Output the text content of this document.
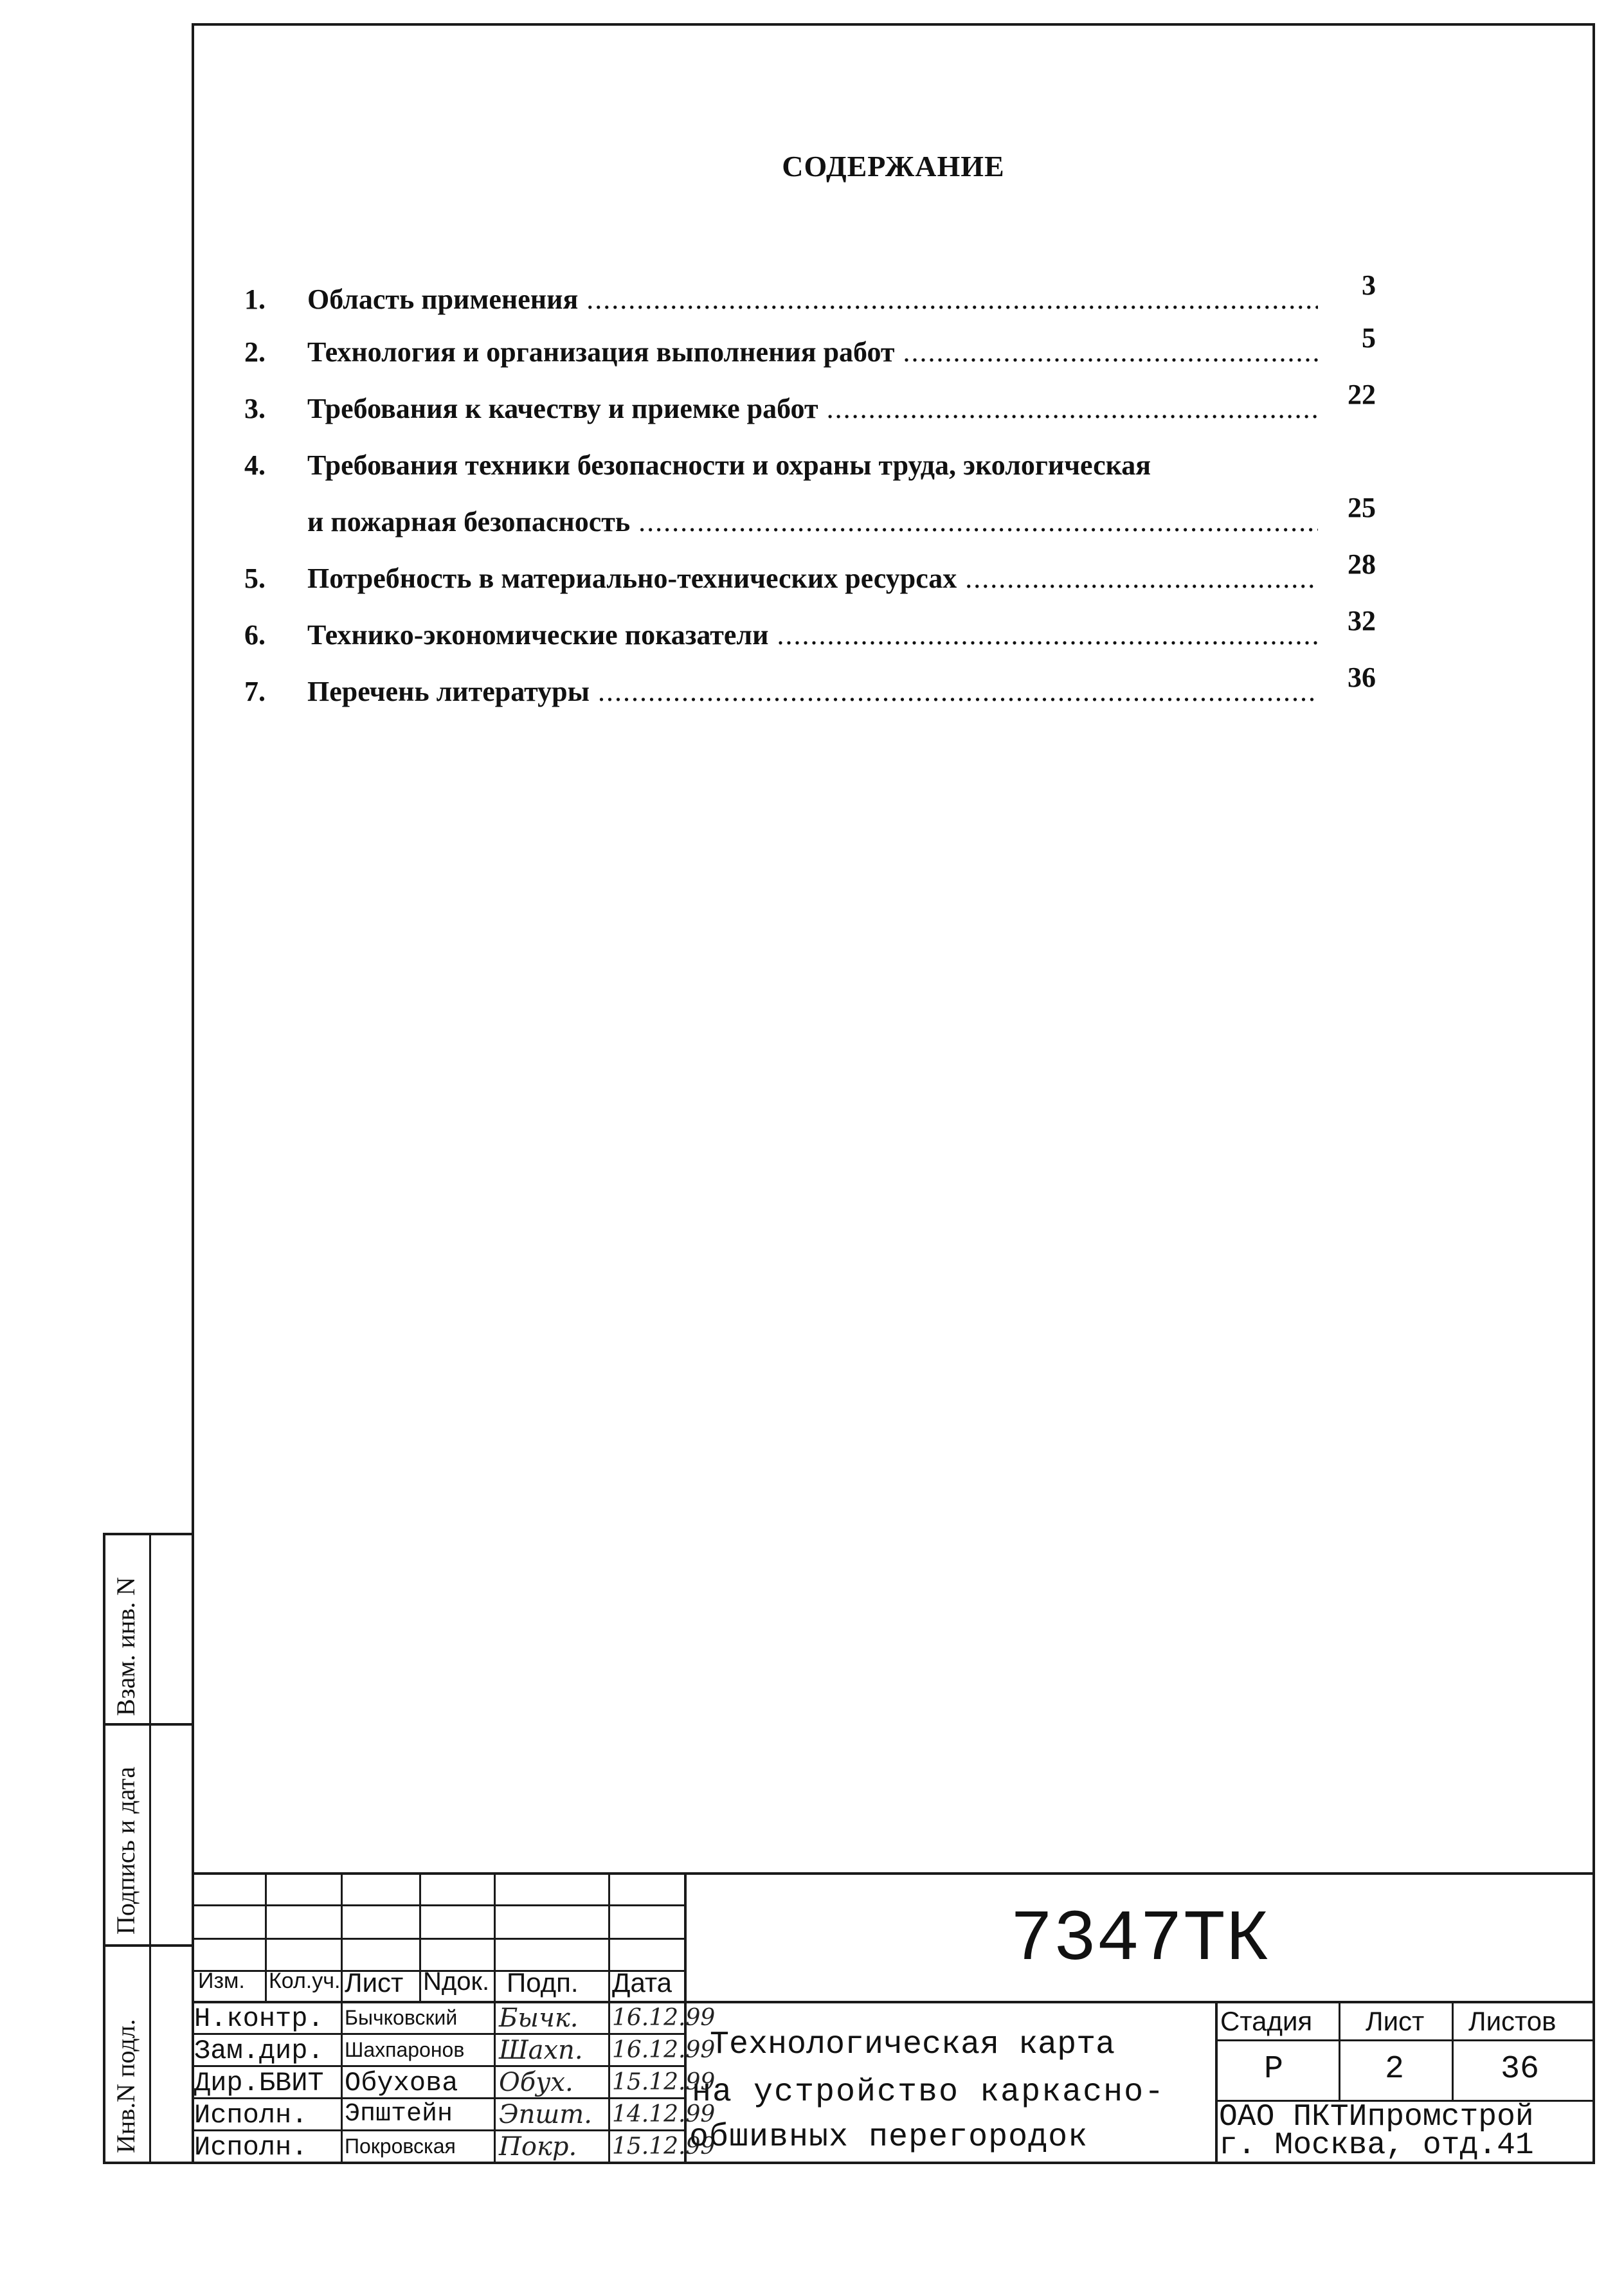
СОДЕРЖАНИЕ
1.	Область применения .....	3
2.	Технология и организация выполнения работ .....	5
3.	Требования к качеству и приемке работ .....	22
4.	Требования техники безопасности и охраны труда, экологическая
и пожарная безопасность .....	25
5.	Потребность в материально-технических ресурсах .....	28
6.	Технико-экономические показатели .....	32
7.	Перечень литературы .....	36
Взам. инв. N
Подпись и дата
Инв.N подл.
7347ТК
Изм. Кол.уч. Лист Nдок. Подп. Дата
Н.контр. Бычковский Бычк. 16.12.99
Зам.дир. Шахпаронов Шахп. 16.12.99
Дир.БВИТ Обухова Обух. 15.12.99
Исполн. Эпштейн Эпшт. 14.12.99
Исполн. Покровская Покр. 15.12.99
Технологическая карта
на устройство каркасно-
обшивных перегородок
Стадия Лист Листов
Р	2	36
ОАО ПКТИпромстрой
г. Москва, отд.41
